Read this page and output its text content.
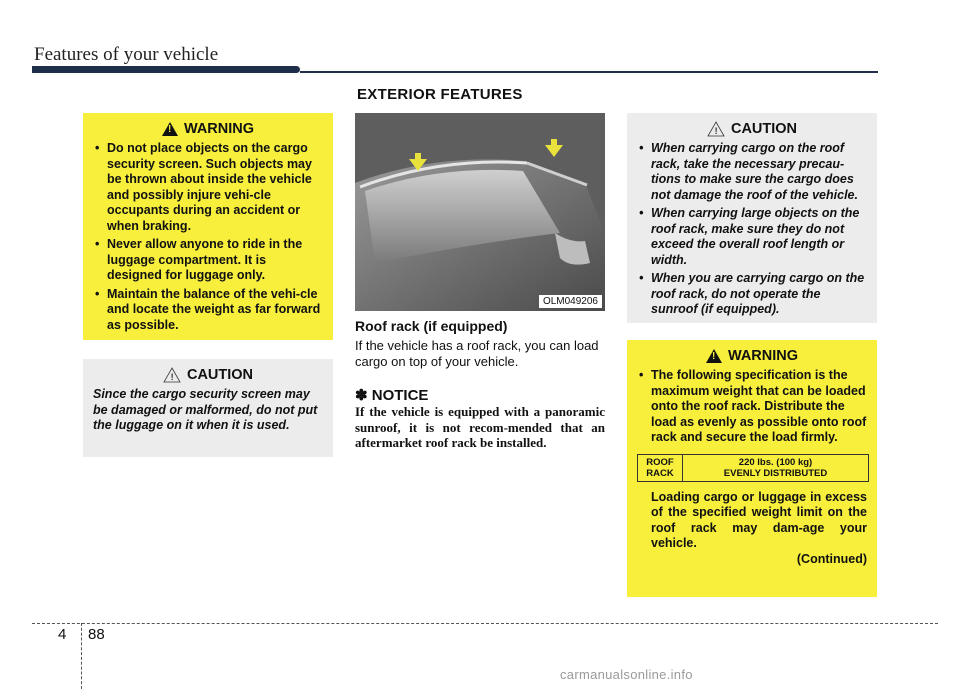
Features of your vehicle
EXTERIOR FEATURES
!
WARNING
• Do not place objects on the cargo security screen. Such objects may be thrown about inside the vehicle and possibly injure vehi-cle occupants during an accident or when braking.
• Never allow anyone to ride in the luggage compartment. It is designed for luggage only.
• Maintain the balance of the vehi-cle and locate the weight as far forward as possible.
! CAUTION

Since the cargo security screen may be damaged or malformed, do not put the luggage on it when it is used.

OLM049206
Roof rack (if equipped)
If the vehicle has a roof rack, you can load cargo on top of your vehicle.
✽ NOTICE
If the vehicle is equipped with a panoramic sunroof, it is not recom-mended that an aftermarket roof rack be installed.
! CAUTION
• When carrying cargo on the roof rack, take the necessary precau-tions to make sure the cargo does not damage the roof of the vehicle.
• When carrying large objects on the roof rack, make sure they do not exceed the overall roof length or width.
• When you are carrying cargo on the roof rack, do not operate the sunroof (if equipped).
!
WARNING
• The following specification is the maximum weight that can be loaded onto the roof rack. Distribute the load as evenly as possible onto roof rack and secure the load firmly.
ROOF
RACK

220 lbs. (100 kg)
EVENLY DISTRIBUTED

Loading cargo or luggage in excess of the specified weight limit on the roof rack may dam-age your vehicle.

(Continued)

4 88
carmanualsonline.info
